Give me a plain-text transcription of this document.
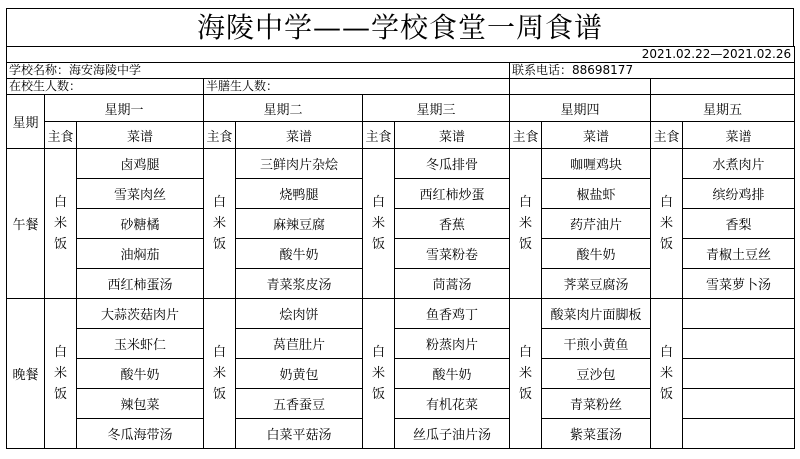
海陵中学——学校食堂一周食谱
2021.02.22—2021.02.26										
学校名称：海安海陵中学							联系电话：88698177			
在校生人数：			半膳生人数：							
星期	星期一		星期二		星期三		星期四		星期五	
	主食	菜谱	主食	菜谱	主食	菜谱	主食	菜谱	主食	菜谱
午餐	白米饭	卤鸡腿	白米饭	三鲜肉片杂烩	白米饭	冬瓜排骨	白米饭	咖喱鸡块	白米饭	水煮肉片
		雪菜肉丝		烧鸭腿		西红柿炒蛋		椒盐虾		缤纷鸡排
		砂糖橘		麻辣豆腐		香蕉		药芹油片		香梨
		油焖茄		酸牛奶		雪菜粉卷		酸牛奶		青椒土豆丝
		西红柿蛋汤		青菜浆皮汤		茼蒿汤		荠菜豆腐汤		雪菜萝卜汤
晚餐	白米饭	大蒜茨菇肉片	白米饭	烩肉饼	白米饭	鱼香鸡丁	白米饭	酸菜肉片面脚板	白米饭	
		玉米虾仁		莴苣肚片		粉蒸肉片		干煎小黄鱼		
		酸牛奶		奶黄包		酸牛奶		豆沙包		
		辣包菜		五香蚕豆		有机花菜		青菜粉丝		
		冬瓜海带汤		白菜平菇汤		丝瓜子油片汤		紫菜蛋汤		
